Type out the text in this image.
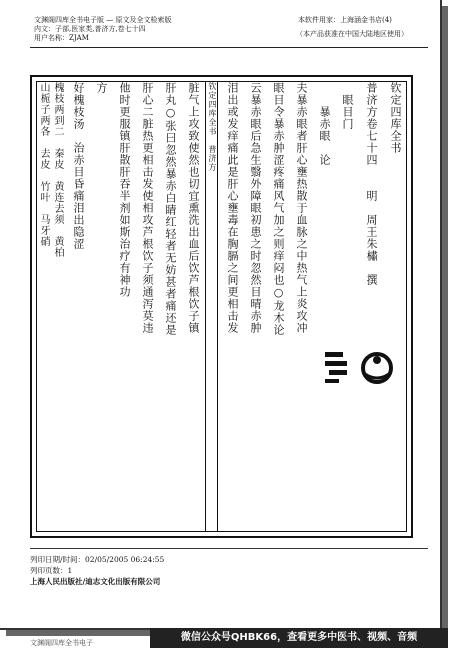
文渊阁四库全书电子版 — 原文及全文检索版
内文：子部,医家类,普济方,卷七十四
用户名称：ZJAM
本软件用家：上海涵金书店(4)
（本产品获准在中国大陆地区使用）
钦定四库全书
普济方卷七十四　　明　周王朱橚　撰
　眼目门
　　暴赤眼　论
夫暴赤眼者肝心壅热散于血脉之中热气上炎攻冲
眼目令暴赤肿涩疼痛风气加之则痒闷也○龙木论
云暴赤眼后急生翳外障眼初患之时忽然目晴赤肿
泪出或发痒痛此是肝心壅毒在胸膈之间更相击发
钦定四库全书　普济方
脏气上攻致使然也切宜熏洗出血后饮芦根饮子镇
肝丸○张曰忽然暴赤白睛红轻者无妨甚者痛还是
肝心二脏热更相击发使相攻芦根饮子须通泻莫违
他时更服镇肝散肝吞半剂如斯治疗有神功
方
好槐枝汤　治赤目昏痛泪出隐涩
槐枝两到二　秦皮　黄连去须　黄柏
山栀子两各　去皮　竹叶　马牙硝
列印日期/时间：02/05/2005 06:24:55
列印页数：1
上海人民出版社/迪志文化出版有限公司
文渊阁四库全书电子	微信公众号QHBK66，查看更多中医书、视频、音频
